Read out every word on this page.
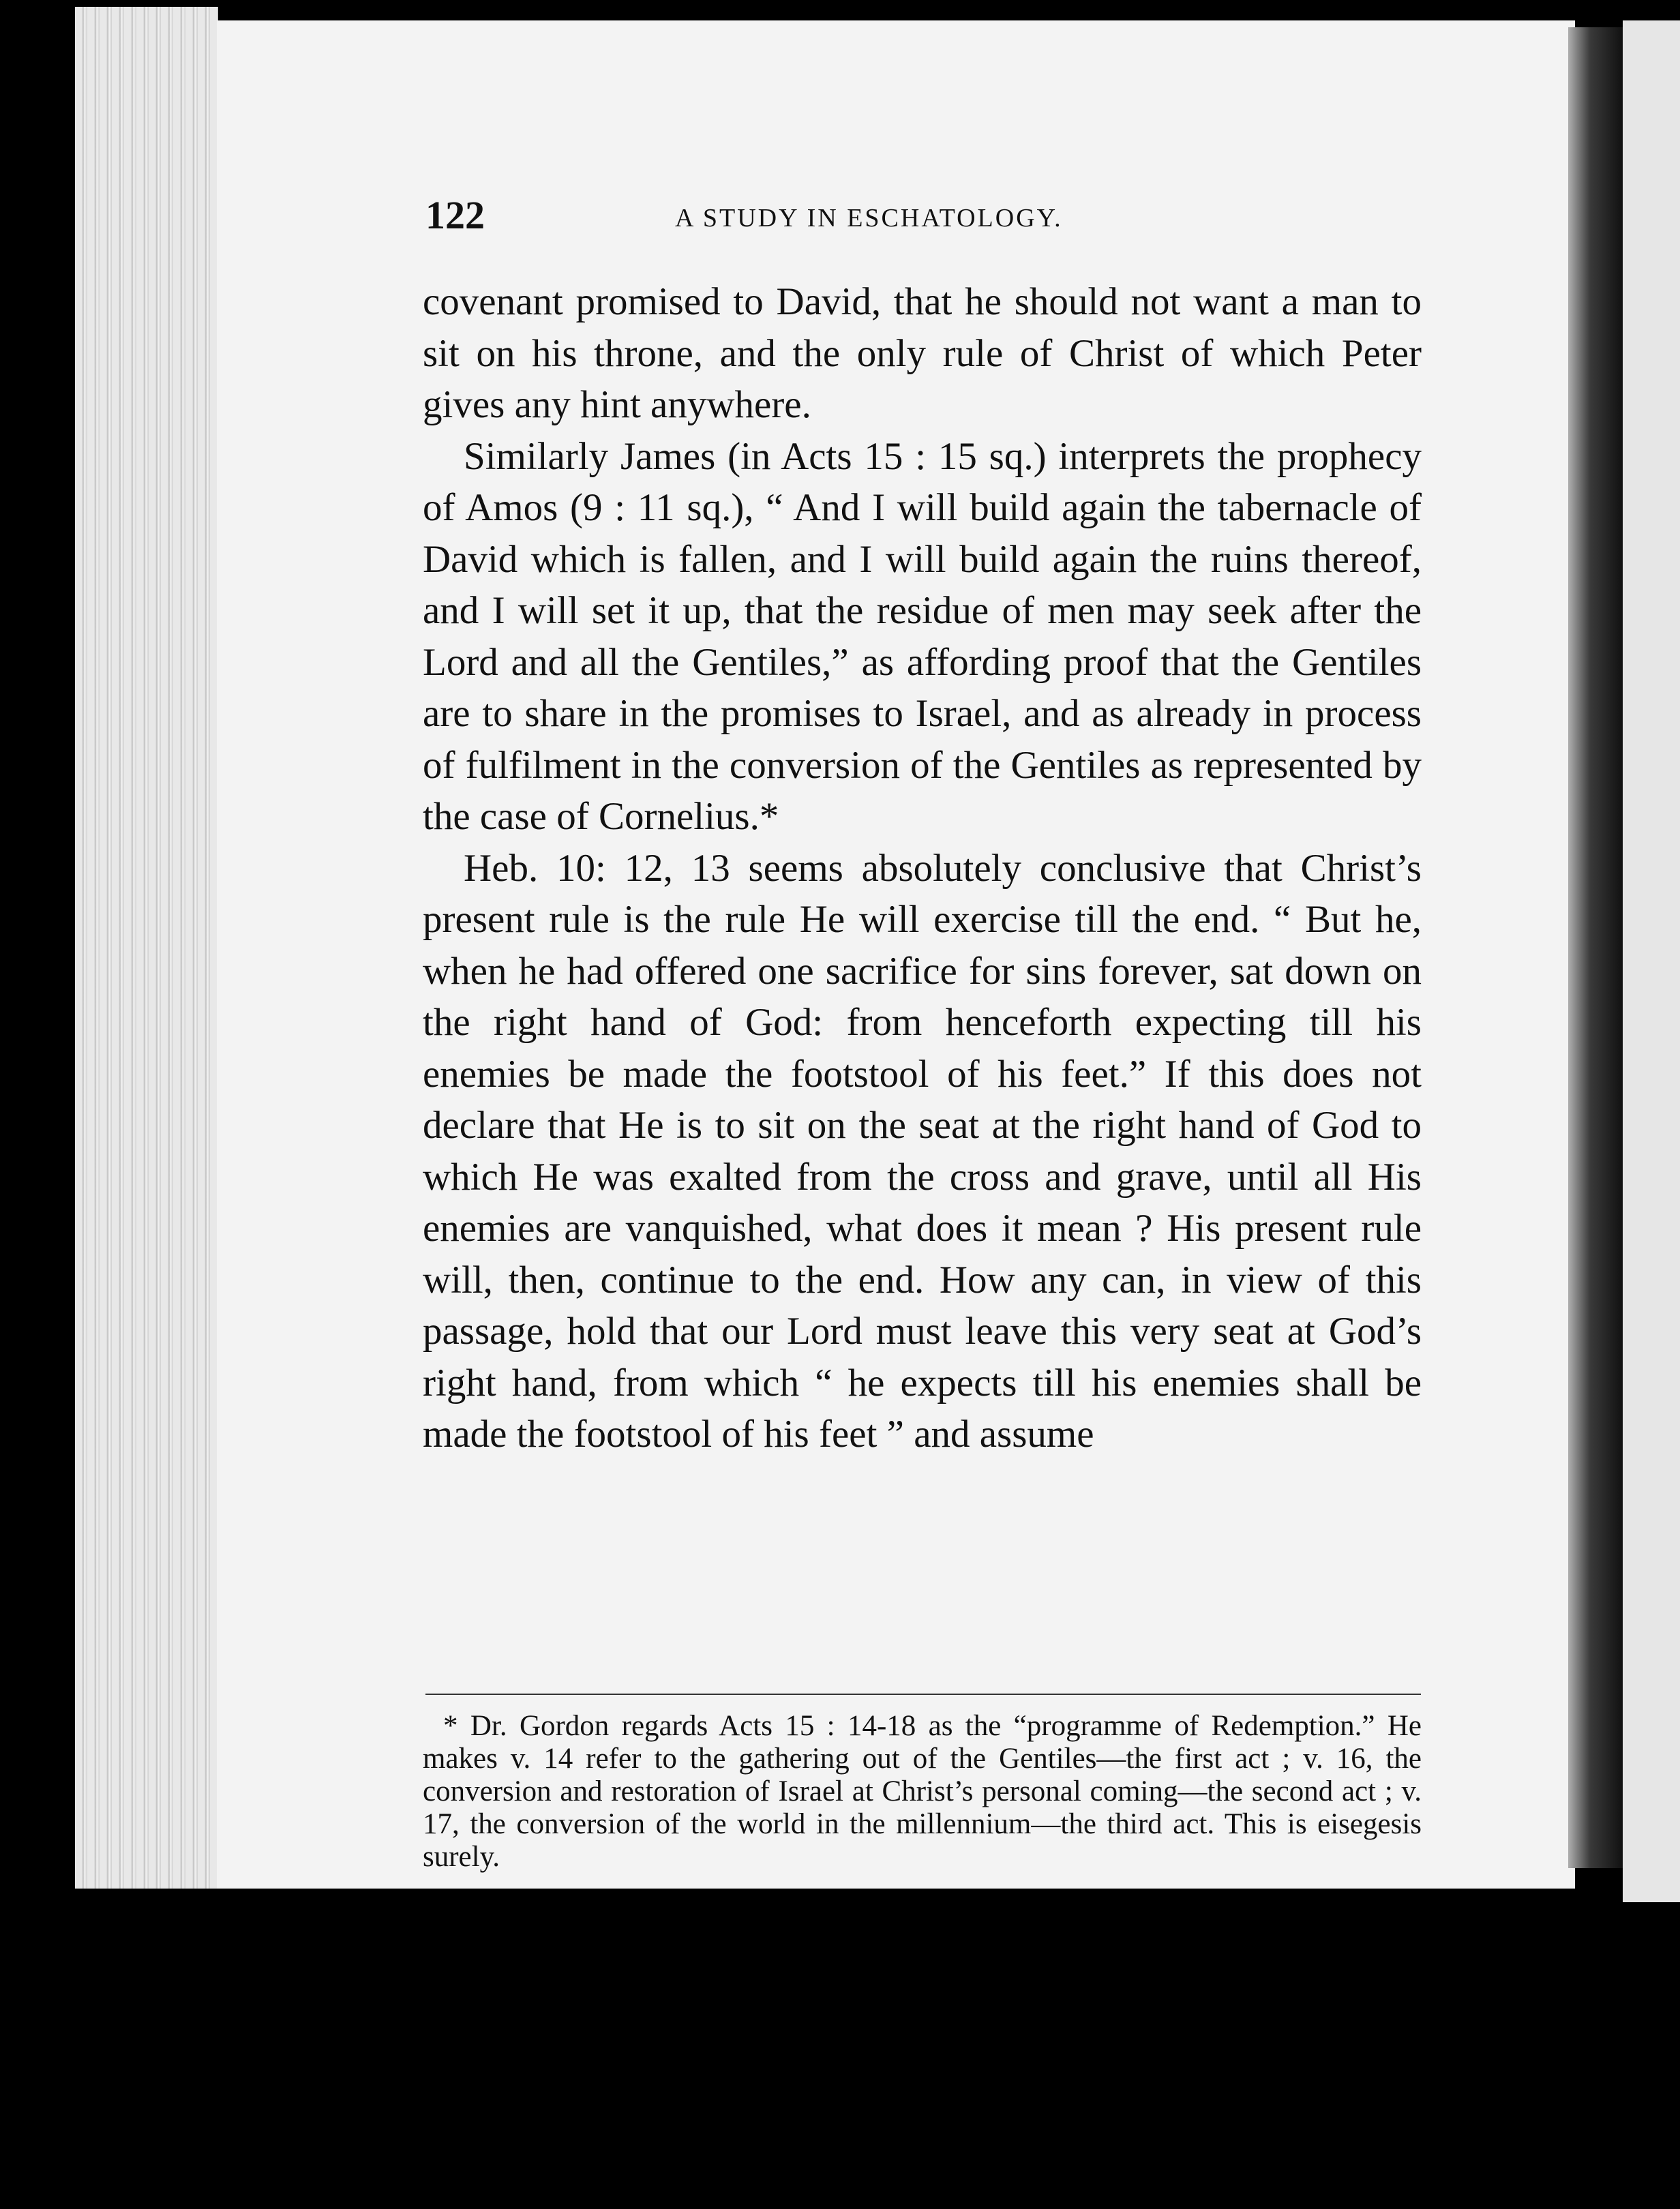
122	A STUDY IN ESCHATOLOGY.

covenant promised to David, that he should not want a man to sit on his throne, and the only rule of Christ of which Peter gives any hint anywhere.

Similarly James (in Acts 15 : 15 sq.) interprets the prophecy of Amos (9 : 11 sq.), “ And I will build again the tabernacle of David which is fallen, and I will build again the ruins thereof, and I will set it up, that the residue of men may seek after the Lord and all the Gentiles,” as affording proof that the Gentiles are to share in the promises to Israel, and as already in process of fulfilment in the conversion of the Gentiles as represented by the case of Cornelius.*

Heb. 10: 12, 13 seems absolutely conclusive that Christ’s present rule is the rule He will exercise till the end. “ But he, when he had offered one sacrifice for sins forever, sat down on the right hand of God: from henceforth expecting till his enemies be made the footstool of his feet.” If this does not declare that He is to sit on the seat at the right hand of God to which He was exalted from the cross and grave, until all His enemies are vanquished, what does it mean ? His present rule will, then, continue to the end. How any can, in view of this passage, hold that our Lord must leave this very seat at God’s right hand, from which “ he expects till his enemies shall be made the footstool of his feet ” and assume

* Dr. Gordon regards Acts 15 : 14-18 as the “programme of Redemption.” He makes v. 14 refer to the gathering out of the Gentiles—the first act ; v. 16, the conversion and restoration of Israel at Christ’s personal coming—the second act ; v. 17, the conversion of the world in the millennium—the third act. This is eisegesis surely.
